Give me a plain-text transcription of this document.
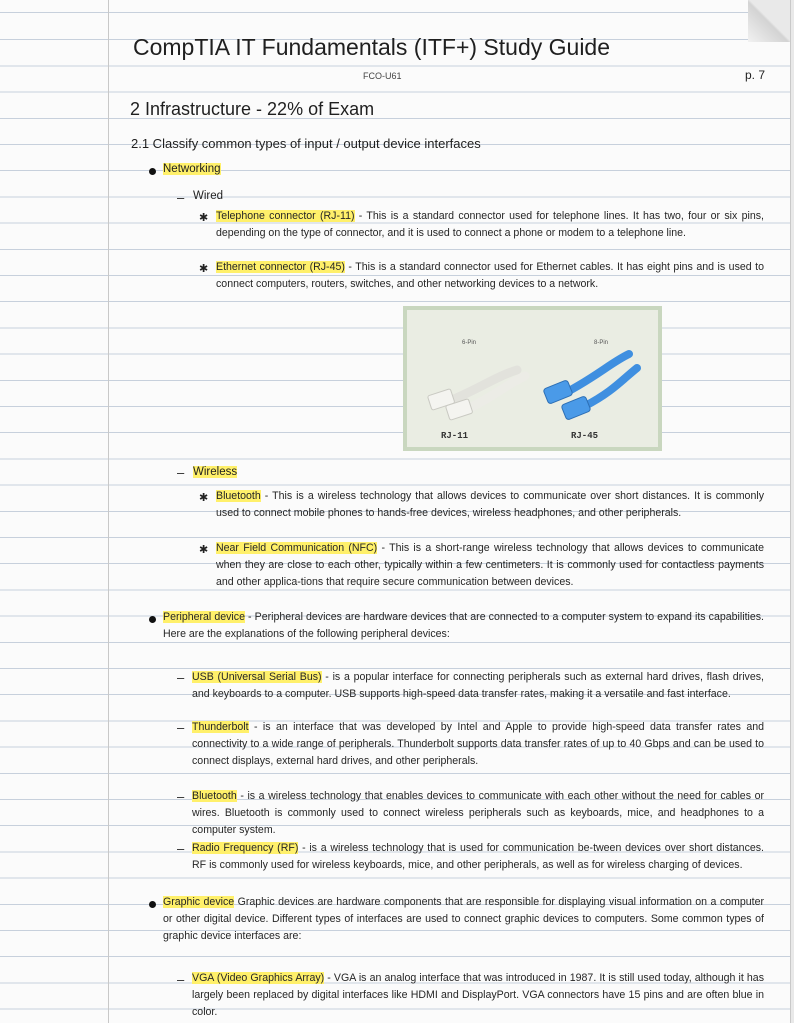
CompTIA IT Fundamentals (ITF+) Study Guide
FCO-U61	p. 7
2 Infrastructure - 22% of Exam
2.1 Classify common types of input / output device interfaces
Networking
– Wired
✱ Telephone connector (RJ-11) - This is a standard connector used for telephone lines. It has two, four or six pins, depending on the type of connector, and it is used to connect a phone or modem to a telephone line.

✱ Ethernet connector (RJ-45) - This is a standard connector used for Ethernet cables. It has eight pins and is used to connect computers, routers, switches, and other networking devices to a network.

6-Pin	8-Pin
RJ-11	RJ-45
– Wireless
✱ Bluetooth - This is a wireless technology that allows devices to communicate over short distances. It is commonly used to connect mobile phones to hands-free devices, wireless headphones, and other peripherals.

✱ Near Field Communication (NFC) - This is a short-range wireless technology that allows devices to communicate when they are close to each other, typically within a few centimeters. It is commonly used for contactless payments and other applica-tions that require secure communication between devices.

Peripheral device - Peripheral devices are hardware devices that are connected to a computer system to expand its capabilities. Here are the explanations of the following peripheral devices:

– USB (Universal Serial Bus) - is a popular interface for connecting peripherals such as external hard drives, flash drives, and keyboards to a computer. USB supports high-speed data transfer rates, making it a versatile and fast interface.

– Thunderbolt - is an interface that was developed by Intel and Apple to provide high-speed data transfer rates and connectivity to a wide range of peripherals. Thunderbolt supports data transfer rates of up to 40 Gbps and can be used to connect displays, external hard drives, and other peripherals.

– Bluetooth - is a wireless technology that enables devices to communicate with each other without the need for cables or wires. Bluetooth is commonly used to connect wireless peripherals such as keyboards, mice, and headphones to a computer system.

– Radio Frequency (RF) - is a wireless technology that is used for communication be-tween devices over short distances. RF is commonly used for wireless keyboards, mice, and other peripherals, as well as for wireless charging of devices.

Graphic device Graphic devices are hardware components that are responsible for displaying visual information on a computer or other digital device. Different types of interfaces are used to connect graphic devices to computers. Some common types of graphic device interfaces are:

– VGA (Video Graphics Array) - VGA is an analog interface that was introduced in 1987. It is still used today, although it has largely been replaced by digital interfaces like HDMI and DisplayPort. VGA connectors have 15 pins and are often blue in color.
